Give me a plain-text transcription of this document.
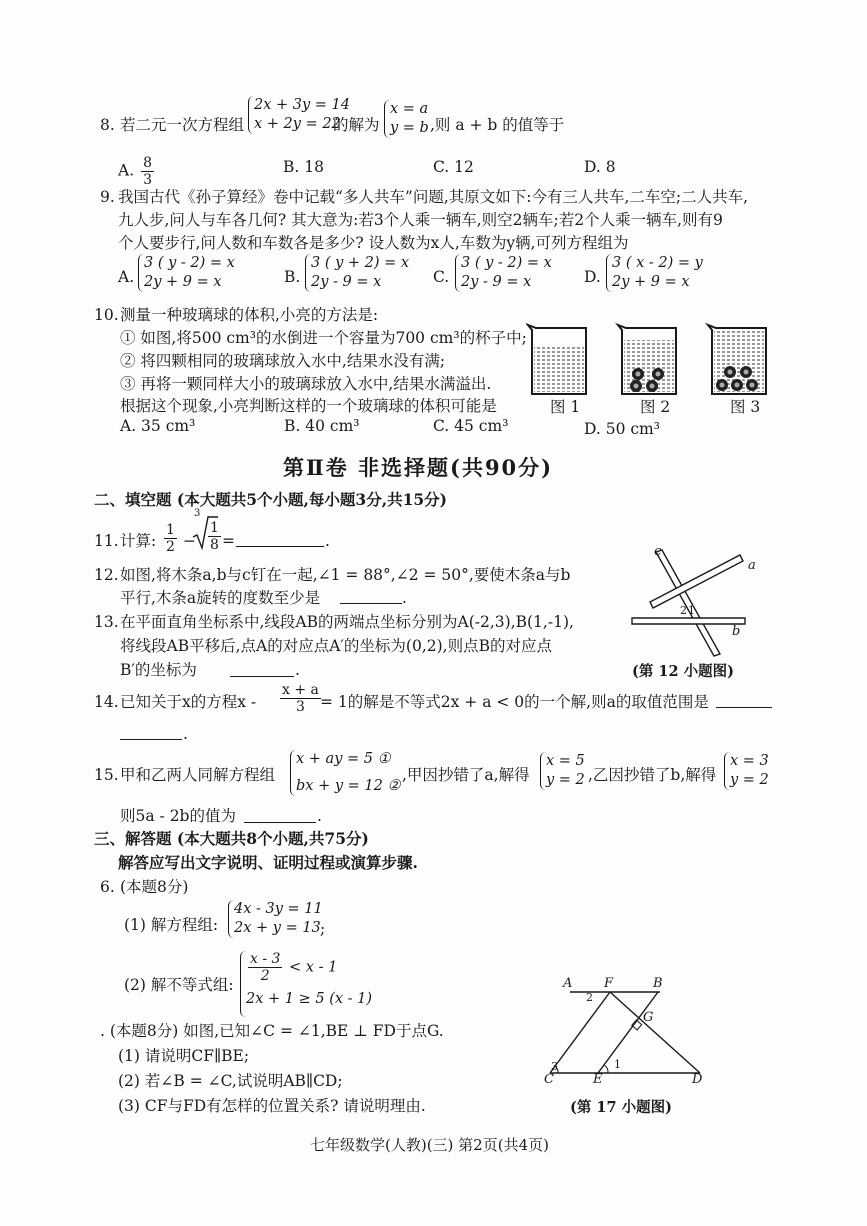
8. 若二元一次方程组
2x + 3y = 14
x + 2y = 22
的解为
x = a
y = b ,则 a + b 的值等于
A. $\frac{8}{3}$	B. 18	C. 12	D. 8
9. 我国古代《孙子算经》卷中记载“多人共车”问题,其原文如下:今有三人共车,二车空;二人共车,
九人步,问人与车各几何? 其大意为:若3个人乘一辆车,则空2辆车;若2个人乘一辆车,则有9
个人要步行,问人数和车数各是多少? 设人数为x人,车数为y辆,可列方程组为
A.
3 ( y - 2) = x
2y + 9 = x	B.
3 ( y + 2) = x
2y - 9 = x	C.
3 ( y - 2) = x
2y - 9 = x	D.
3 ( x - 2) = y
2y + 9 = x
10. 测量一种玻璃球的体积,小亮的方法是:
① 如图,将500 cm³的水倒进一个容量为700 cm³的杯子中;
② 将四颗相同的玻璃球放入水中,结果水没有满;
③ 再将一颗同样大小的玻璃球放入水中,结果水满溢出.
根据这个现象,小亮判断这样的一个玻璃球的体积可能是
A. 35 cm³	B. 40 cm³	C. 45 cm³	D. 50 cm³
图 1	图 2	图 3
第Ⅱ卷 非选择题(共90分)
二、填空题 (本大题共5个小题,每小题3分,共15分)
11. 计算: $\frac{1}{2}$ −
3
$\frac{1}{8}$ =	.
12. 如图,将木条a,b与c钉在一起,∠1 = 88°,∠2 = 50°,要使木条a与b
平行,木条a旋转的度数至少是	.
c
a
b
2 1
(第 12 小题图)
13. 在平面直角坐标系中,线段AB的两端点坐标分别为A(-2,3),B(1,-1),
将线段AB平移后,点A的对应点A′的坐标为(0,2),则点B的对应点
B′的坐标为	.
14. 已知关于x的方程$x - \frac{x + a}{3} = 1$的解是不等式2x + a < 0的一个解,则a的取值范围是
.
15. 甲和乙两人同解方程组
x + ay = 5 ①
bx + y = 12 ②
,甲因抄错了a,解得
x = 5
y = 2 ,乙因抄错了b,解得
x = 3
y = 2
则5a - 2b的值为	.
三、解答题 (本大题共8个小题,共75分)
解答应写出文字说明、证明过程或演算步骤.
6. (本题8分)
(1) 解方程组:
4x - 3y = 11
2x + y = 13 ;
(2) 解不等式组:
$\frac{x - 3}{2} < x - 1$
2x + 1 ≥ 5 (x - 1)
. (本题8分) 如图,已知∠C = ∠1,BE ⊥ FD于点G.
(1) 请说明CF∥BE;
(2) 若∠B = ∠C,试说明AB∥CD;
(3) CF与FD有怎样的位置关系? 请说明理由.
A F	B
G
C	E	D
2
1
3
(第 17 小题图)
七年级数学(人教)(三) 第2页(共4页)
